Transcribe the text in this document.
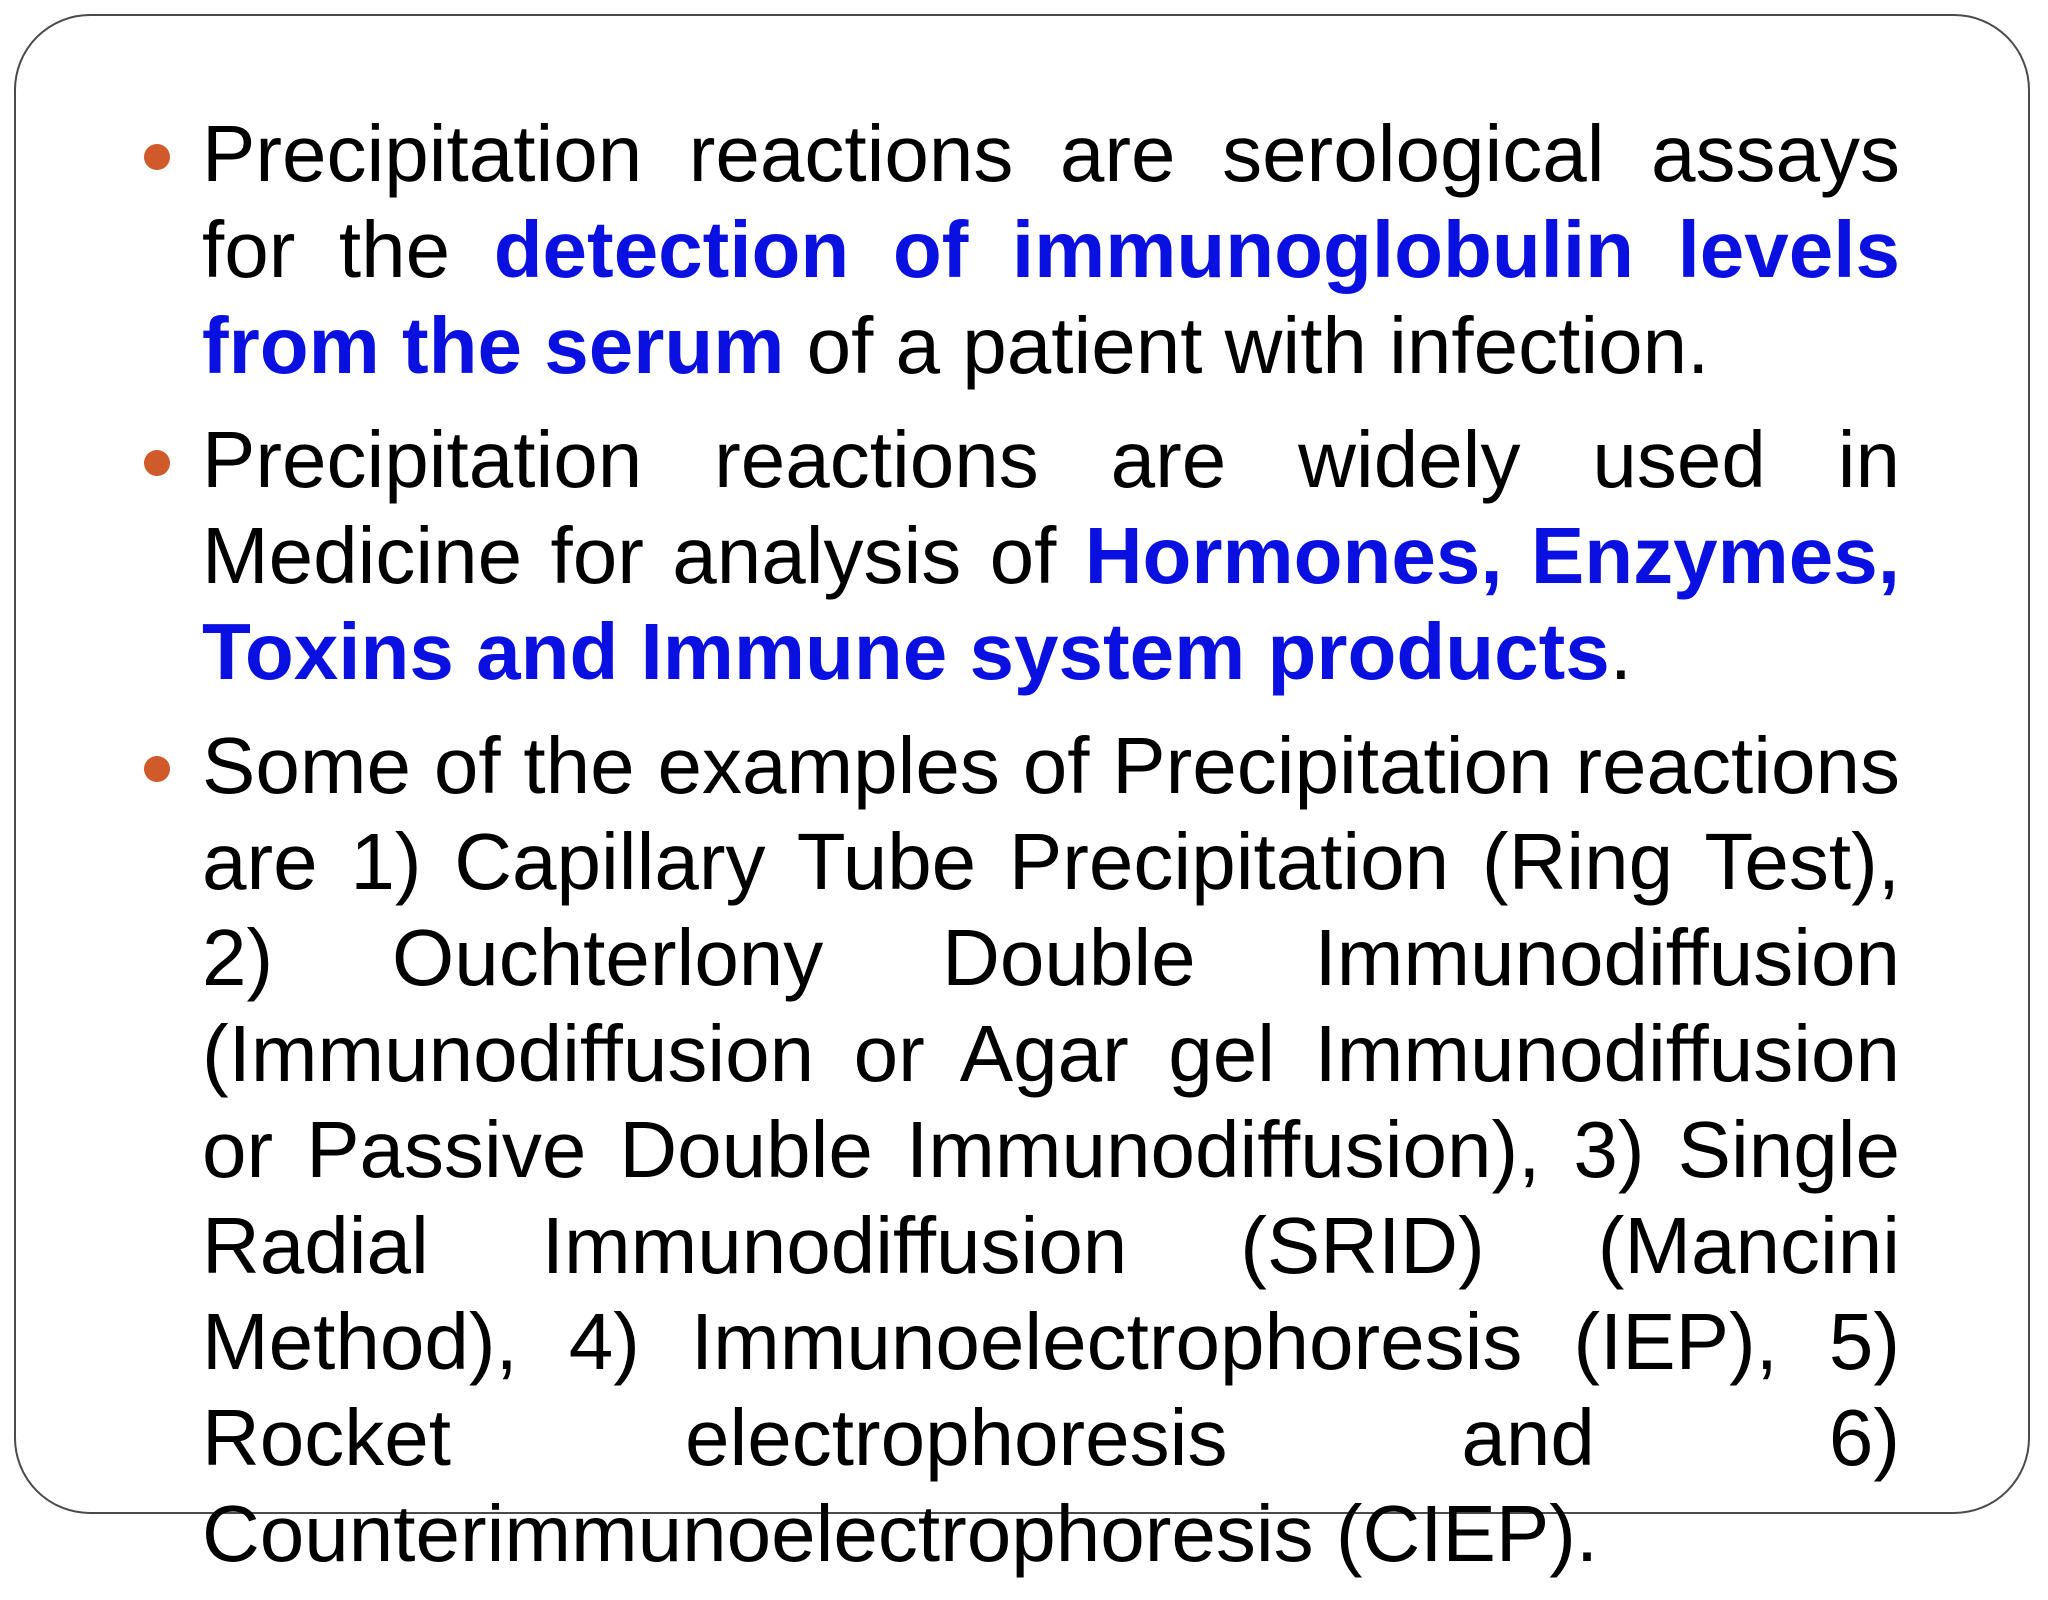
Precipitation reactions are serological assays for the detection of immunoglobulin levels from the serum of a patient with infection.
Precipitation reactions are widely used in Medicine for analysis of Hormones, Enzymes, Toxins and Immune system products.
Some of the examples of Precipitation reactions are 1) Capillary Tube Precipitation (Ring Test), 2) Ouchterlony Double Immunodiffusion (Immunodiffusion or Agar gel Immunodiffusion or Passive Double Immunodiffusion), 3) Single Radial Immunodiffusion (SRID) (Mancini Method), 4) Immunoelectrophoresis (IEP), 5) Rocket electrophoresis and 6) Counterimmunoelectrophoresis (CIEP).
